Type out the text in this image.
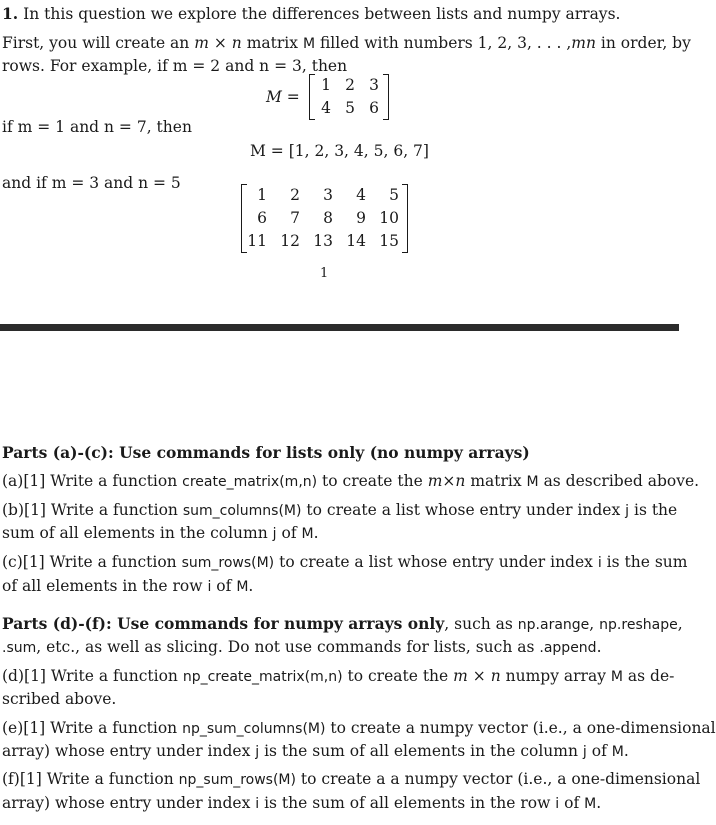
1. In this question we explore the differences between lists and numpy arrays.
First, you will create an m × n matrix M filled with numbers 1, 2, 3, . . . ,mn in order, by
rows. For example, if m = 2 and n = 3, then
M =
1 2 3
4 5 6
if m = 1 and n = 7, then
M = [1, 2, 3, 4, 5, 6, 7]
and if m = 3 and n = 5
1	2	3	4	5
6	7	8	9 10
11 12 13 14 15
1
Parts (a)-(c): Use commands for lists only (no numpy arrays)
(a)[1] Write a function create_matrix(m,n) to create the m×n matrix M as described above.
(b)[1] Write a function sum_columns(M) to create a list whose entry under index j is the
sum of all elements in the column j of M.
(c)[1] Write a function sum_rows(M) to create a list whose entry under index i is the sum
of all elements in the row i of M.
Parts (d)-(f): Use commands for numpy arrays only, such as np.arange, np.reshape,
.sum, etc., as well as slicing. Do not use commands for lists, such as .append.
(d)[1] Write a function np_create_matrix(m,n) to create the m × n numpy array M as de-
scribed above.
(e)[1] Write a function np_sum_columns(M) to create a numpy vector (i.e., a one-dimensional
array) whose entry under index j is the sum of all elements in the column j of M.
(f)[1] Write a function np_sum_rows(M) to create a a numpy vector (i.e., a one-dimensional
array) whose entry under index i is the sum of all elements in the row i of M.
